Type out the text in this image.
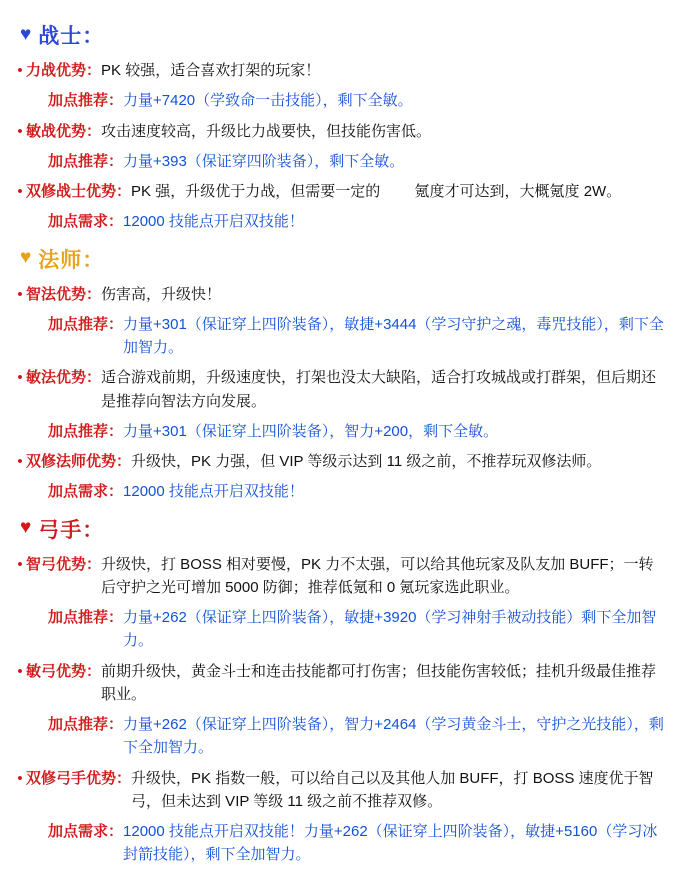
♥ 战士：
• 力战优势： PK 较强，适合喜欢打架的玩家！
加点推荐： 力量+7420（学致命一击技能），剩下全敏。
• 敏战优势： 攻击速度较高，升级比力战要快，但技能伤害低。
加点推荐： 力量+393（保证穿四阶装备），剩下全敏。
• 双修战士优势： PK 强，升级优于力战，但需要一定的  氪度才可达到，大概氪度 2W。
加点需求： 12000 技能点开启双技能！
♥ 法师：
• 智法优势： 伤害高，升级快！
加点推荐： 力量+301（保证穿上四阶装备），敏捷+3444（学习守护之魂，毒咒技能），剩下全加智力。
• 敏法优势： 适合游戏前期，升级速度快，打架也没太大缺陷，适合打攻城战或打群架，但后期还是推荐向智法方向发展。
加点推荐： 力量+301（保证穿上四阶装备），智力+200，剩下全敏。
• 双修法师优势： 升级快，PK 力强，但 VIP 等级示达到 11 级之前，不推荐玩双修法师。
加点需求： 12000 技能点开启双技能！
♥ 弓手：
• 智弓优势： 升级快，打 BOSS 相对要慢，PK 力不太强，可以给其他玩家及队友加 BUFF；一转后守护之光可增加 5000 防御；推荐低氪和 0 氪玩家选此职业。
加点推荐： 力量+262（保证穿上四阶装备），敏捷+3920（学习神射手被动技能）剩下全加智力。
• 敏弓优势： 前期升级快，黄金斗士和连击技能都可打伤害；但技能伤害较低；挂机升级最佳推荐职业。
加点推荐： 力量+262（保证穿上四阶装备），智力+2464（学习黄金斗士，守护之光技能），剩下全加智力。
• 双修弓手优势： 升级快，PK 指数一般，可以给自己以及其他人加 BUFF，打 BOSS 速度优于智弓，但未达到 VIP 等级 11 级之前不推荐双修。
加点需求： 12000 技能点开启双技能！力量+262（保证穿上四阶装备），敏捷+5160（学习冰封箭技能），剩下全加智力。
